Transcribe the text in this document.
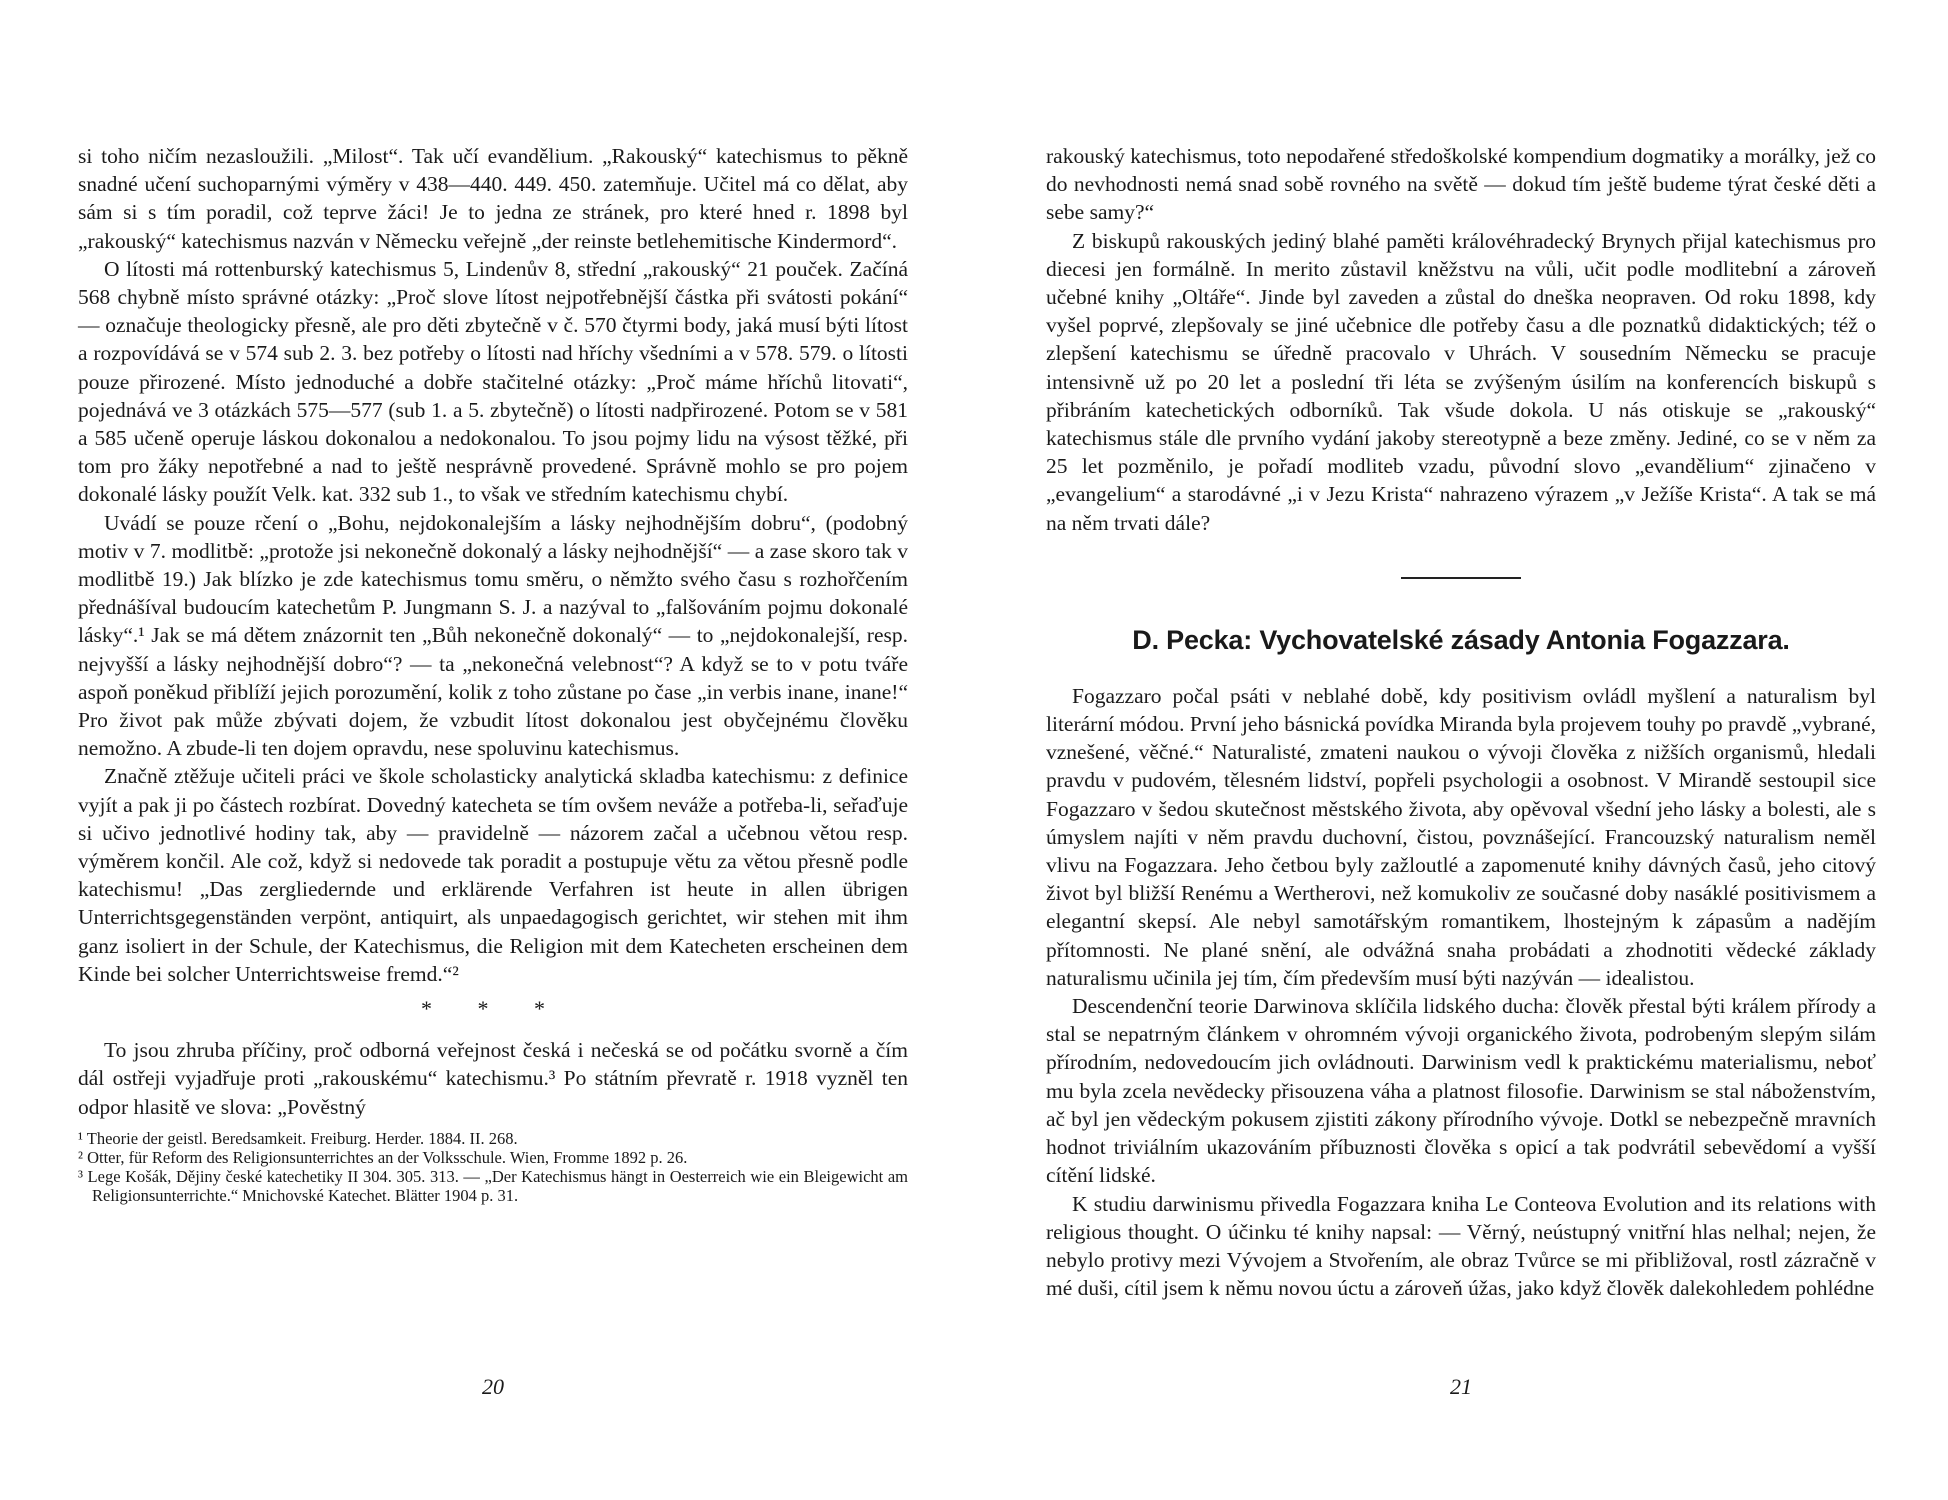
si toho ničím nezasloužili. „Milost“. Tak učí evandělium. „Rakouský“ katechismus to pěkně snadné učení suchoparnými výměry v 438—440. 449. 450. zatemňuje. Učitel má co dělat, aby sám si s tím poradil, což teprve žáci! Je to jedna ze stránek, pro které hned r. 1898 byl „rakouský“ katechismus nazván v Německu veřejně „der reinste betlehemitische Kindermord“.

O lítosti má rottenburský katechismus 5, Lindenův 8, střední „rakouský“ 21 pouček. Začíná 568 chybně místo správné otázky: „Proč slove lítost nejpotřebnější částka při svátosti pokání“ — označuje theologicky přesně, ale pro děti zbytečně v č. 570 čtyrmi body, jaká musí býti lítost a rozpovídává se v 574 sub 2. 3. bez potřeby o lítosti nad hříchy všedními a v 578. 579. o lítosti pouze přirozené. Místo jednoduché a dobře stačitelné otázky: „Proč máme hříchů litovati“, pojednává ve 3 otázkách 575—577 (sub 1. a 5. zbytečně) o lítosti nadpřirozené. Potom se v 581 a 585 učeně operuje láskou dokonalou a nedokonalou. To jsou pojmy lidu na výsost těžké, při tom pro žáky nepotřebné a nad to ještě nesprávně provedené. Správně mohlo se pro pojem dokonalé lásky použít Velk. kat. 332 sub 1., to však ve středním katechismu chybí.

Uvádí se pouze rčení o „Bohu, nejdokonalejším a lásky nejhodnějším dobru“, (podobný motiv v 7. modlitbě: „protože jsi nekonečně dokonalý a lásky nejhodnější“ — a zase skoro tak v modlitbě 19.) Jak blízko je zde katechismus tomu směru, o němžto svého času s rozhořčením přednášíval budoucím katechetům P. Jungmann S. J. a nazýval to „falšováním pojmu dokonalé lásky“.¹ Jak se má dětem znázornit ten „Bůh nekonečně dokonalý“ — to „nejdokonalejší, resp. nejvyšší a lásky nejhodnější dobro“? — ta „nekonečná velebnost“? A když se to v potu tváře aspoň poněkud přiblíží jejich porozumění, kolik z toho zůstane po čase „in verbis inane, inane!“ Pro život pak může zbývati dojem, že vzbudit lítost dokonalou jest obyčejnému člověku nemožno. A zbude-li ten dojem opravdu, nese spoluvinu katechismus.

Značně ztěžuje učiteli práci ve škole scholasticky analytická skladba katechismu: z definice vyjít a pak ji po částech rozbírat. Dovedný katecheta se tím ovšem neváže a potřeba-li, seřaďuje si učivo jednotlivé hodiny tak, aby — pravidelně — názorem začal a učebnou větou resp. výměrem končil. Ale což, když si nedovede tak poradit a postupuje větu za větou přesně podle katechismu! „Das zergliedernde und erklärende Verfahren ist heute in allen übrigen Unterrichtsgegenständen verpönt, antiquirt, als unpaedagogisch gerichtet, wir stehen mit ihm ganz isoliert in der Schule, der Katechismus, die Religion mit dem Katecheten erscheinen dem Kinde bei solcher Unterrichtsweise fremd.“²

* * *

To jsou zhruba příčiny, proč odborná veřejnost česká i nečeská se od počátku svorně a čím dál ostřeji vyjadřuje proti „rakouskému“ katechismu.³ Po státním převratě r. 1918 vyzněl ten odpor hlasitě ve slova: „Pověstný

¹ Theorie der geistl. Beredsamkeit. Freiburg. Herder. 1884. II. 268.

² Otter, für Reform des Religionsunterrichtes an der Volksschule. Wien, Fromme 1892 p. 26.

³ Lege Košák, Dějiny české katechetiky II 304. 305. 313. — „Der Katechismus hängt in Oesterreich wie ein Bleigewicht am Religionsunterrichte.“ Mnichovské Katechet. Blätter 1904 p. 31.

20

rakouský katechismus, toto nepodařené středoškolské kompendium dogmatiky a morálky, jež co do nevhodnosti nemá snad sobě rovného na světě — dokud tím ještě budeme týrat české děti a sebe samy?“

Z biskupů rakouských jediný blahé paměti královéhradecký Brynych přijal katechismus pro diecesi jen formálně. In merito zůstavil kněžstvu na vůli, učit podle modlitební a zároveň učebné knihy „Oltáře“. Jinde byl zaveden a zůstal do dneška neopraven. Od roku 1898, kdy vyšel poprvé, zlepšovaly se jiné učebnice dle potřeby času a dle poznatků didaktických; též o zlepšení katechismu se úředně pracovalo v Uhrách. V sousedním Německu se pracuje intensivně už po 20 let a poslední tři léta se zvýšeným úsilím na konferencích biskupů s přibráním katechetických odborníků. Tak všude dokola. U nás otiskuje se „rakouský“ katechismus stále dle prvního vydání jakoby stereotypně a beze změny. Jediné, co se v něm za 25 let pozměnilo, je pořadí modliteb vzadu, původní slovo „evandělium“ zjinačeno v „evangelium“ a starodávné „i v Jezu Krista“ nahrazeno výrazem „v Ježíše Krista“. A tak se má na něm trvati dále?

D. Pecka: Vychovatelské zásady Antonia Fogazzara.

Fogazzaro počal psáti v neblahé době, kdy positivism ovládl myšlení a naturalism byl literární módou. První jeho básnická povídka Miranda byla projevem touhy po pravdě „vybrané, vznešené, věčné.“ Naturalisté, zmateni naukou o vývoji člověka z nižších organismů, hledali pravdu v pudovém, tělesném lidství, popřeli psychologii a osobnost. V Mirandě sestoupil sice Fogazzaro v šedou skutečnost městského života, aby opěvoval všední jeho lásky a bolesti, ale s úmyslem najíti v něm pravdu duchovní, čistou, povznášející. Francouzský naturalism neměl vlivu na Fogazzara. Jeho četbou byly zažloutlé a zapomenuté knihy dávných časů, jeho citový život byl bližší Renému a Wertherovi, než komukoliv ze současné doby nasáklé positivismem a elegantní skepsí. Ale nebyl samotářským romantikem, lhostejným k zápasům a nadějím přítomnosti. Ne plané snění, ale odvážná snaha probádati a zhodnotiti vědecké základy naturalismu učinila jej tím, čím především musí býti nazýván — idealistou.

Descendenční teorie Darwinova sklíčila lidského ducha: člověk přestal býti králem přírody a stal se nepatrným článkem v ohromném vývoji organického života, podrobeným slepým silám přírodním, nedovedoucím jich ovládnouti. Darwinism vedl k praktickému materialismu, neboť mu byla zcela nevědecky přisouzena váha a platnost filosofie. Darwinism se stal náboženstvím, ač byl jen vědeckým pokusem zjistiti zákony přírodního vývoje. Dotkl se nebezpečně mravních hodnot triviálním ukazováním příbuznosti člověka s opicí a tak podvrátil sebevědomí a vyšší cítění lidské.

K studiu darwinismu přivedla Fogazzara kniha Le Conteova Evolution and its relations with religious thought. O účinku té knihy napsal: — Věrný, neústupný vnitřní hlas nelhal; nejen, že nebylo protivy mezi Vývojem a Stvořením, ale obraz Tvůrce se mi přibližoval, rostl zázračně v mé duši, cítil jsem k němu novou úctu a zároveň úžas, jako když člověk dalekohledem pohlédne

21
